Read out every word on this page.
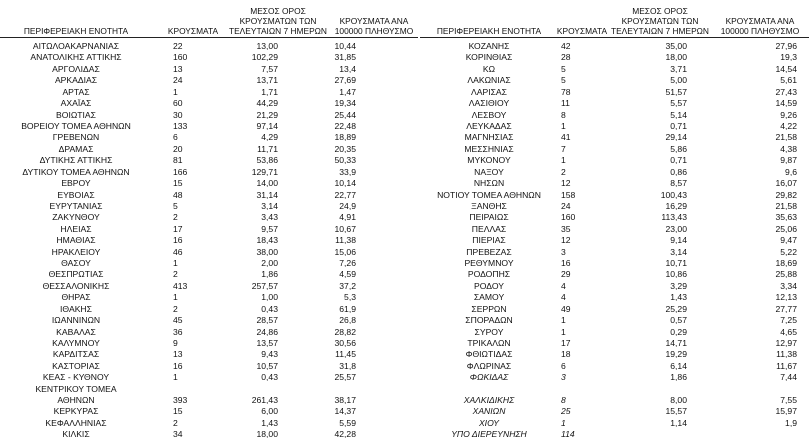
ΠΕΡΙΦΕΡΕΙΑΚΗ ΕΝΟΤΗΤΑ	ΚΡΟΥΣΜΑΤΑ
ΜΕΣΟΣ ΟΡΟΣ
ΚΡΟΥΣΜΑΤΩΝ ΤΩΝ
ΤΕΛΕΥΤΑΙΩΝ 7 ΗΜΕΡΩΝ
ΚΡΟΥΣΜΑΤΑ ΑΝΑ
100000 ΠΛΗΘΥΣΜΟ	ΠΕΡΙΦΕΡΕΙΑΚΗ ΕΝΟΤΗΤΑ	ΚΡΟΥΣΜΑΤΑ
ΜΕΣΟΣ ΟΡΟΣ
ΚΡΟΥΣΜΑΤΩΝ ΤΩΝ
ΤΕΛΕΥΤΑΙΩΝ 7 ΗΜΕΡΩΝ
ΚΡΟΥΣΜΑΤΑ ΑΝΑ
100000 ΠΛΗΘΥΣΜΟ
ΑΙΤΩΛΟΑΚΑΡΝΑΝΙΑΣ	22	13,00	10,44
ΑΝΑΤΟΛΙΚΗΣ ΑΤΤΙΚΗΣ	160	102,29	31,85
ΑΡΓΟΛΙΔΑΣ	13	7,57	13,4
ΑΡΚΑΔΙΑΣ	24	13,71	27,69
ΑΡΤΑΣ	1	1,71	1,47
ΑΧΑΪΑΣ	60	44,29	19,34
ΒΟΙΩΤΙΑΣ	30	21,29	25,44
ΒΟΡΕΙΟΥ ΤΟΜΕΑ ΑΘΗΝΩΝ	133	97,14	22,48
ΓΡΕΒΕΝΩΝ	6	4,29	18,89
ΔΡΑΜΑΣ	20	11,71	20,35
ΔΥΤΙΚΗΣ ΑΤΤΙΚΗΣ	81	53,86	50,33
ΔΥΤΙΚΟΥ ΤΟΜΕΑ ΑΘΗΝΩΝ	166	129,71	33,9
ΕΒΡΟΥ	15	14,00	10,14
ΕΥΒΟΙΑΣ	48	31,14	22,77
ΕΥΡΥΤΑΝΙΑΣ	5	3,14	24,9
ΖΑΚΥΝΘΟΥ	2	3,43	4,91
ΗΛΕΙΑΣ	17	9,57	10,67
ΗΜΑΘΙΑΣ	16	18,43	11,38
ΗΡΑΚΛΕΙΟΥ	46	38,00	15,06
ΘΑΣΟΥ	1	2,00	7,26
ΘΕΣΠΡΩΤΙΑΣ	2	1,86	4,59
ΘΕΣΣΑΛΟΝΙΚΗΣ	413	257,57	37,2
ΘΗΡΑΣ	1	1,00	5,3
ΙΘΑΚΗΣ	2	0,43	61,9
ΙΩΑΝΝΙΝΩΝ	45	28,57	26,8
ΚΑΒΑΛΑΣ	36	24,86	28,82
ΚΑΛΥΜΝΟΥ	9	13,57	30,56
ΚΑΡΔΙΤΣΑΣ	13	9,43	11,45
ΚΑΣΤΟΡΙΑΣ	16	10,57	31,8
ΚΕΑΣ - ΚΥΘΝΟΥ	1	0,43	25,57
ΚΕΝΤΡΙΚΟΥ ΤΟΜΕΑ
ΑΘΗΝΩΝ	393	261,43	38,17
ΚΕΡΚΥΡΑΣ	15	6,00	14,37
ΚΕΦΑΛΛΗΝΙΑΣ	2	1,43	5,59
ΚΙΛΚΙΣ	34	18,00	42,28
ΚΟΖΑΝΗΣ	42	35,00	27,96
ΚΟΡΙΝΘΙΑΣ	28	18,00	19,3
ΚΩ	5	3,71	14,54
ΛΑΚΩΝΙΑΣ	5	5,00	5,61
ΛΑΡΙΣΑΣ	78	51,57	27,43
ΛΑΣΙΘΙΟΥ	11	5,57	14,59
ΛΕΣΒΟΥ	8	5,14	9,26
ΛΕΥΚΑΔΑΣ	1	0,71	4,22
ΜΑΓΝΗΣΙΑΣ	41	29,14	21,58
ΜΕΣΣΗΝΙΑΣ	7	5,86	4,38
ΜΥΚΟΝΟΥ	1	0,71	9,87
ΝΑΞΟΥ	2	0,86	9,6
ΝΗΣΩΝ	12	8,57	16,07
ΝΟΤΙΟΥ ΤΟΜΕΑ ΑΘΗΝΩΝ	158	100,43	29,82
ΞΑΝΘΗΣ	24	16,29	21,58
ΠΕΙΡΑΙΩΣ	160	113,43	35,63
ΠΕΛΛΑΣ	35	23,00	25,06
ΠΙΕΡΙΑΣ	12	9,14	9,47
ΠΡΕΒΕΖΑΣ	3	3,14	5,22
ΡΕΘΥΜΝΟΥ	16	10,71	18,69
ΡΟΔΟΠΗΣ	29	10,86	25,88
ΡΟΔΟΥ	4	3,29	3,34
ΣΑΜΟΥ	4	1,43	12,13
ΣΕΡΡΩΝ	49	25,29	27,77
ΣΠΟΡΑΔΩΝ	1	0,57	7,25
ΣΥΡΟΥ	1	0,29	4,65
ΤΡΙΚΑΛΩΝ	17	14,71	12,97
ΦΘΙΩΤΙΔΑΣ	18	19,29	11,38
ΦΛΩΡΙΝΑΣ	6	6,14	11,67
ΦΩΚΙΔΑΣ	3	1,86	7,44
ΧΑΛΚΙΔΙΚΗΣ	8	8,00	7,55
ΧΑΝΙΩΝ	25	15,57	15,97
ΧΙΟΥ	1	1,14	1,9
ΥΠΟ ΔΙΕΡΕΥΝΗΣΗ	114
